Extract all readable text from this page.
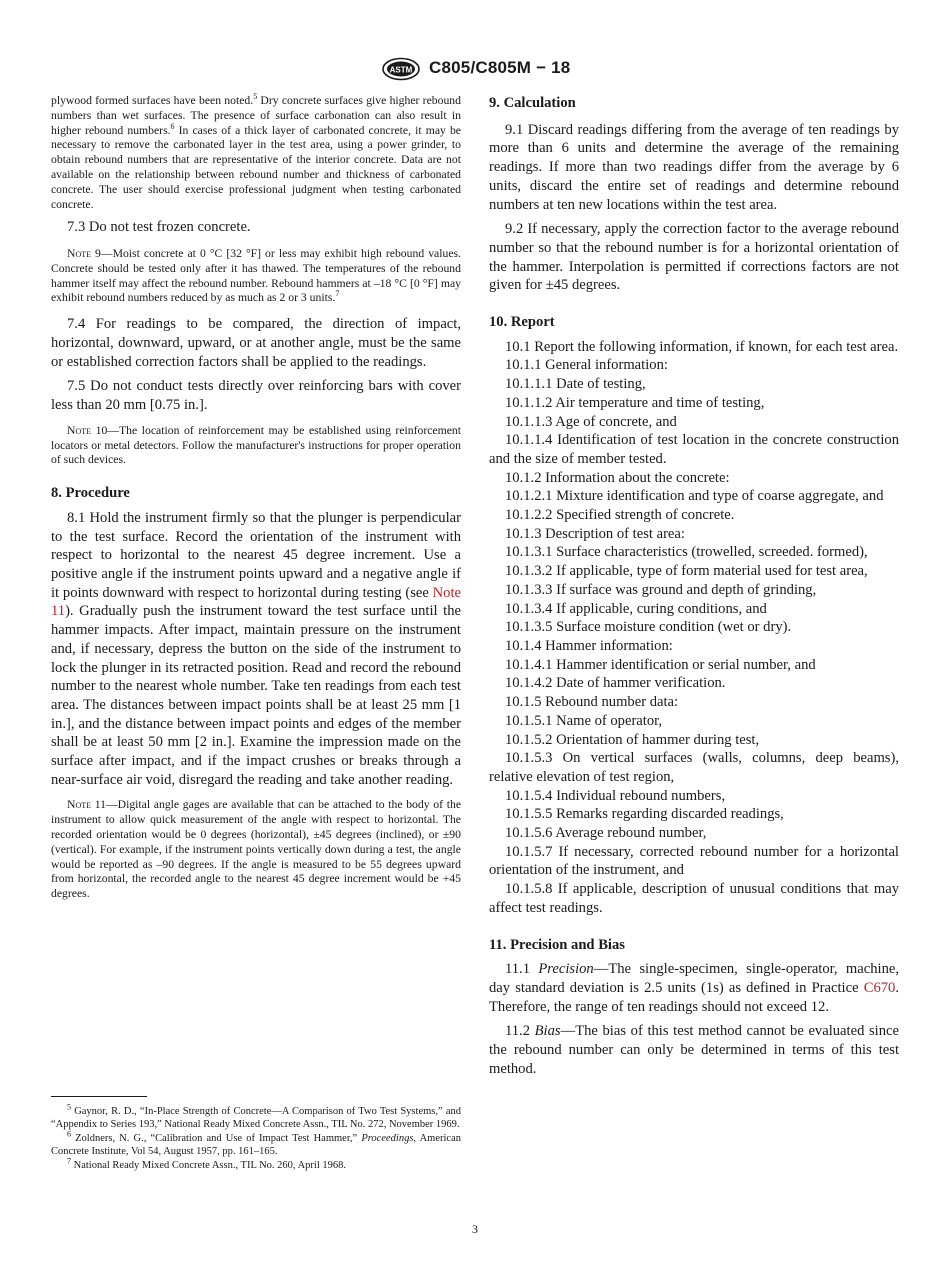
ASTM C805/C805M − 18

plywood formed surfaces have been noted.$^5$ Dry concrete surfaces give higher rebound numbers than wet surfaces. The presence of surface carbonation can also result in higher rebound numbers.$^6$ In cases of a thick layer of carbonated concrete, it may be necessary to remove the carbonated layer in the test area, using a power grinder, to obtain rebound numbers that are representative of the interior concrete. Data are not available on the relationship between rebound number and thickness of carbonated concrete. The user should exercise professional judgment when testing carbonated concrete.

7.3 Do not test frozen concrete.

Note 9—Moist concrete at 0 °C [32 °F] or less may exhibit high rebound values. Concrete should be tested only after it has thawed. The temperatures of the rebound hammer itself may affect the rebound number. Rebound hammers at –18 °C [0 °F] may exhibit rebound numbers reduced by as much as 2 or 3 units.$^7$

7.4 For readings to be compared, the direction of impact, horizontal, downward, upward, or at another angle, must be the same or established correction factors shall be applied to the readings.

7.5 Do not conduct tests directly over reinforcing bars with cover less than 20 mm [0.75 in.].

Note 10—The location of reinforcement may be established using reinforcement locators or metal detectors. Follow the manufacturer's instructions for proper operation of such devices.

8. Procedure

8.1 Hold the instrument firmly so that the plunger is perpendicular to the test surface. Record the orientation of the instrument with respect to horizontal to the nearest 45 degree increment. Use a positive angle if the instrument points upward and a negative angle if it points downward with respect to horizontal during testing (see Note 11). Gradually push the instrument toward the test surface until the hammer impacts. After impact, maintain pressure on the instrument and, if necessary, depress the button on the side of the instrument to lock the plunger in its retracted position. Read and record the rebound number to the nearest whole number. Take ten readings from each test area. The distances between impact points shall be at least 25 mm [1 in.], and the distance between impact points and edges of the member shall be at least 50 mm [2 in.]. Examine the impression made on the surface after impact, and if the impact crushes or breaks through a near-surface air void, disregard the reading and take another reading.

Note 11—Digital angle gages are available that can be attached to the body of the instrument to allow quick measurement of the angle with respect to horizontal. The recorded orientation would be 0 degrees (horizontal), ±45 degrees (inclined), or ±90 (vertical). For example, if the instrument points vertically down during a test, the angle would be reported as –90 degrees. If the angle is measured to be 55 degrees upward from horizontal, the recorded angle to the nearest 45 degree increment would be +45 degrees.

$^5$ Gaynor, R. D., “In-Place Strength of Concrete—A Comparison of Two Test Systems,” and “Appendix to Series 193,” National Ready Mixed Concrete Assn., TIL No. 272, November 1969.

$^6$ Zoldners, N. G., “Calibration and Use of Impact Test Hammer,” Proceedings, American Concrete Institute, Vol 54, August 1957, pp. 161–165.

$^7$ National Ready Mixed Concrete Assn., TIL No. 260, April 1968.

9. Calculation

9.1 Discard readings differing from the average of ten readings by more than 6 units and determine the average of the remaining readings. If more than two readings differ from the average by 6 units, discard the entire set of readings and determine rebound numbers at ten new locations within the test area.

9.2 If necessary, apply the correction factor to the average rebound number so that the rebound number is for a horizontal orientation of the hammer. Interpolation is permitted if corrections factors are not given for ±45 degrees.

10. Report

10.1 Report the following information, if known, for each test area.

10.1.1 General information:

10.1.1.1 Date of testing,

10.1.1.2 Air temperature and time of testing,

10.1.1.3 Age of concrete, and

10.1.1.4 Identification of test location in the concrete construction and the size of member tested.

10.1.2 Information about the concrete:

10.1.2.1 Mixture identification and type of coarse aggregate, and

10.1.2.2 Specified strength of concrete.

10.1.3 Description of test area:

10.1.3.1 Surface characteristics (trowelled, screeded. formed),

10.1.3.2 If applicable, type of form material used for test area,

10.1.3.3 If surface was ground and depth of grinding,

10.1.3.4 If applicable, curing conditions, and

10.1.3.5 Surface moisture condition (wet or dry).

10.1.4 Hammer information:

10.1.4.1 Hammer identification or serial number, and

10.1.4.2 Date of hammer verification.

10.1.5 Rebound number data:

10.1.5.1 Name of operator,

10.1.5.2 Orientation of hammer during test,

10.1.5.3 On vertical surfaces (walls, columns, deep beams), relative elevation of test region,

10.1.5.4 Individual rebound numbers,

10.1.5.5 Remarks regarding discarded readings,

10.1.5.6 Average rebound number,

10.1.5.7 If necessary, corrected rebound number for a horizontal orientation of the instrument, and

10.1.5.8 If applicable, description of unusual conditions that may affect test readings.

11. Precision and Bias

11.1 Precision—The single-specimen, single-operator, machine, day standard deviation is 2.5 units (1s) as defined in Practice C670. Therefore, the range of ten readings should not exceed 12.

11.2 Bias—The bias of this test method cannot be evaluated since the rebound number can only be determined in terms of this test method.

3
